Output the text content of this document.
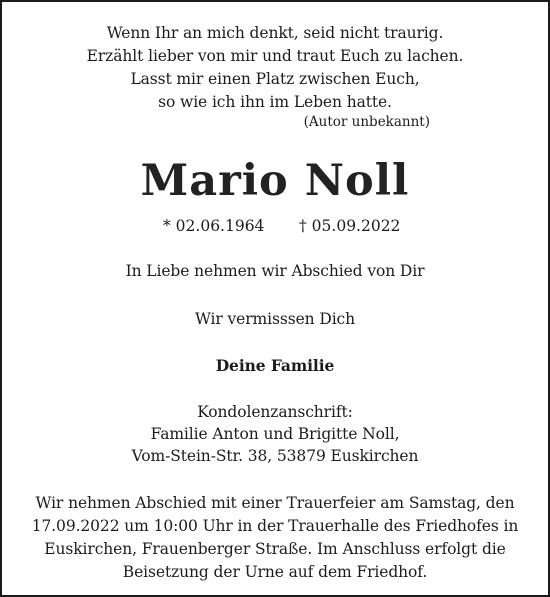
Wenn Ihr an mich denkt, seid nicht traurig.
Erzählt lieber von mir und traut Euch zu lachen.
Lasst mir einen Platz zwischen Euch,
so wie ich ihn im Leben hatte.
(Autor unbekannt)
Mario Noll
* 02.06.1964 † 05.09.2022
In Liebe nehmen wir Abschied von Dir
Wir vermisssen Dich
Deine Familie
Kondolenzanschrift:
Familie Anton und Brigitte Noll,
Vom-Stein-Str. 38, 53879 Euskirchen
Wir nehmen Abschied mit einer Trauerfeier am Samstag, den
17.09.2022 um 10:00 Uhr in der Trauerhalle des Friedhofes in
Euskirchen, Frauenberger Straße. Im Anschluss erfolgt die
Beisetzung der Urne auf dem Friedhof.
